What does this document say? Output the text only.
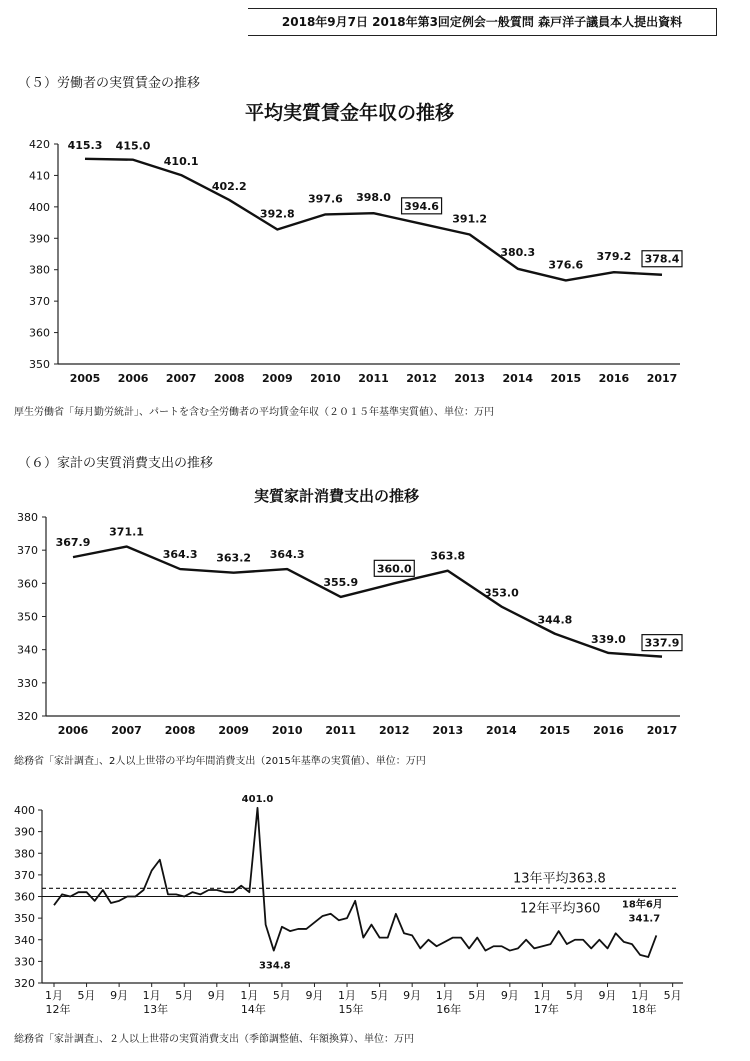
2018年9月7日 2018年第3回定例会一般質問 森戸洋子議員本人提出資料
（５）労働者の実質賃金の推移
平均実質賃金年収の推移
350
360
370
380
390
400
410
420
2005 2006 2007 2008 2009 2010 2011 2012 2013 2014 2015 2016 2017
415.3 415.0
410.1
402.2
392.8
397.6 398.0
394.6
391.2
380.3
376.6
379.2 378.4
厚生労働省「毎月勤労統計」、パートを含む全労働者の平均賃金年収（２０１５年基準実質値）、単位：万円
（６）家計の実質消費支出の推移
実質家計消費支出の推移
320
330
340
350
360
370
380
2006 2007 2008 2009 2010 2011 2012 2013 2014 2015 2016 2017
367.9
371.1
364.3 363.2 364.3
355.9
360.0
363.8
353.0
344.8
339.0 337.9
総務省「家計調査」、2人以上世帯の平均年間消費支出（2015年基準の実質値）、単位：万円
320
330
340
350
360
370
380
390
400
1月
12年
5月 9月 1月
13年
5月 9月 1月
14年
5月 9月 1月
15年
5月 9月 1月
16年
5月 9月 1月
17年
5月 9月 1月
18年
5月
13年平均363.8
12年平均360
401.0
334.8
18年6月
341.7
総務省「家計調査」、２人以上世帯の実質消費支出（季節調整値、年額換算）、単位：万円
